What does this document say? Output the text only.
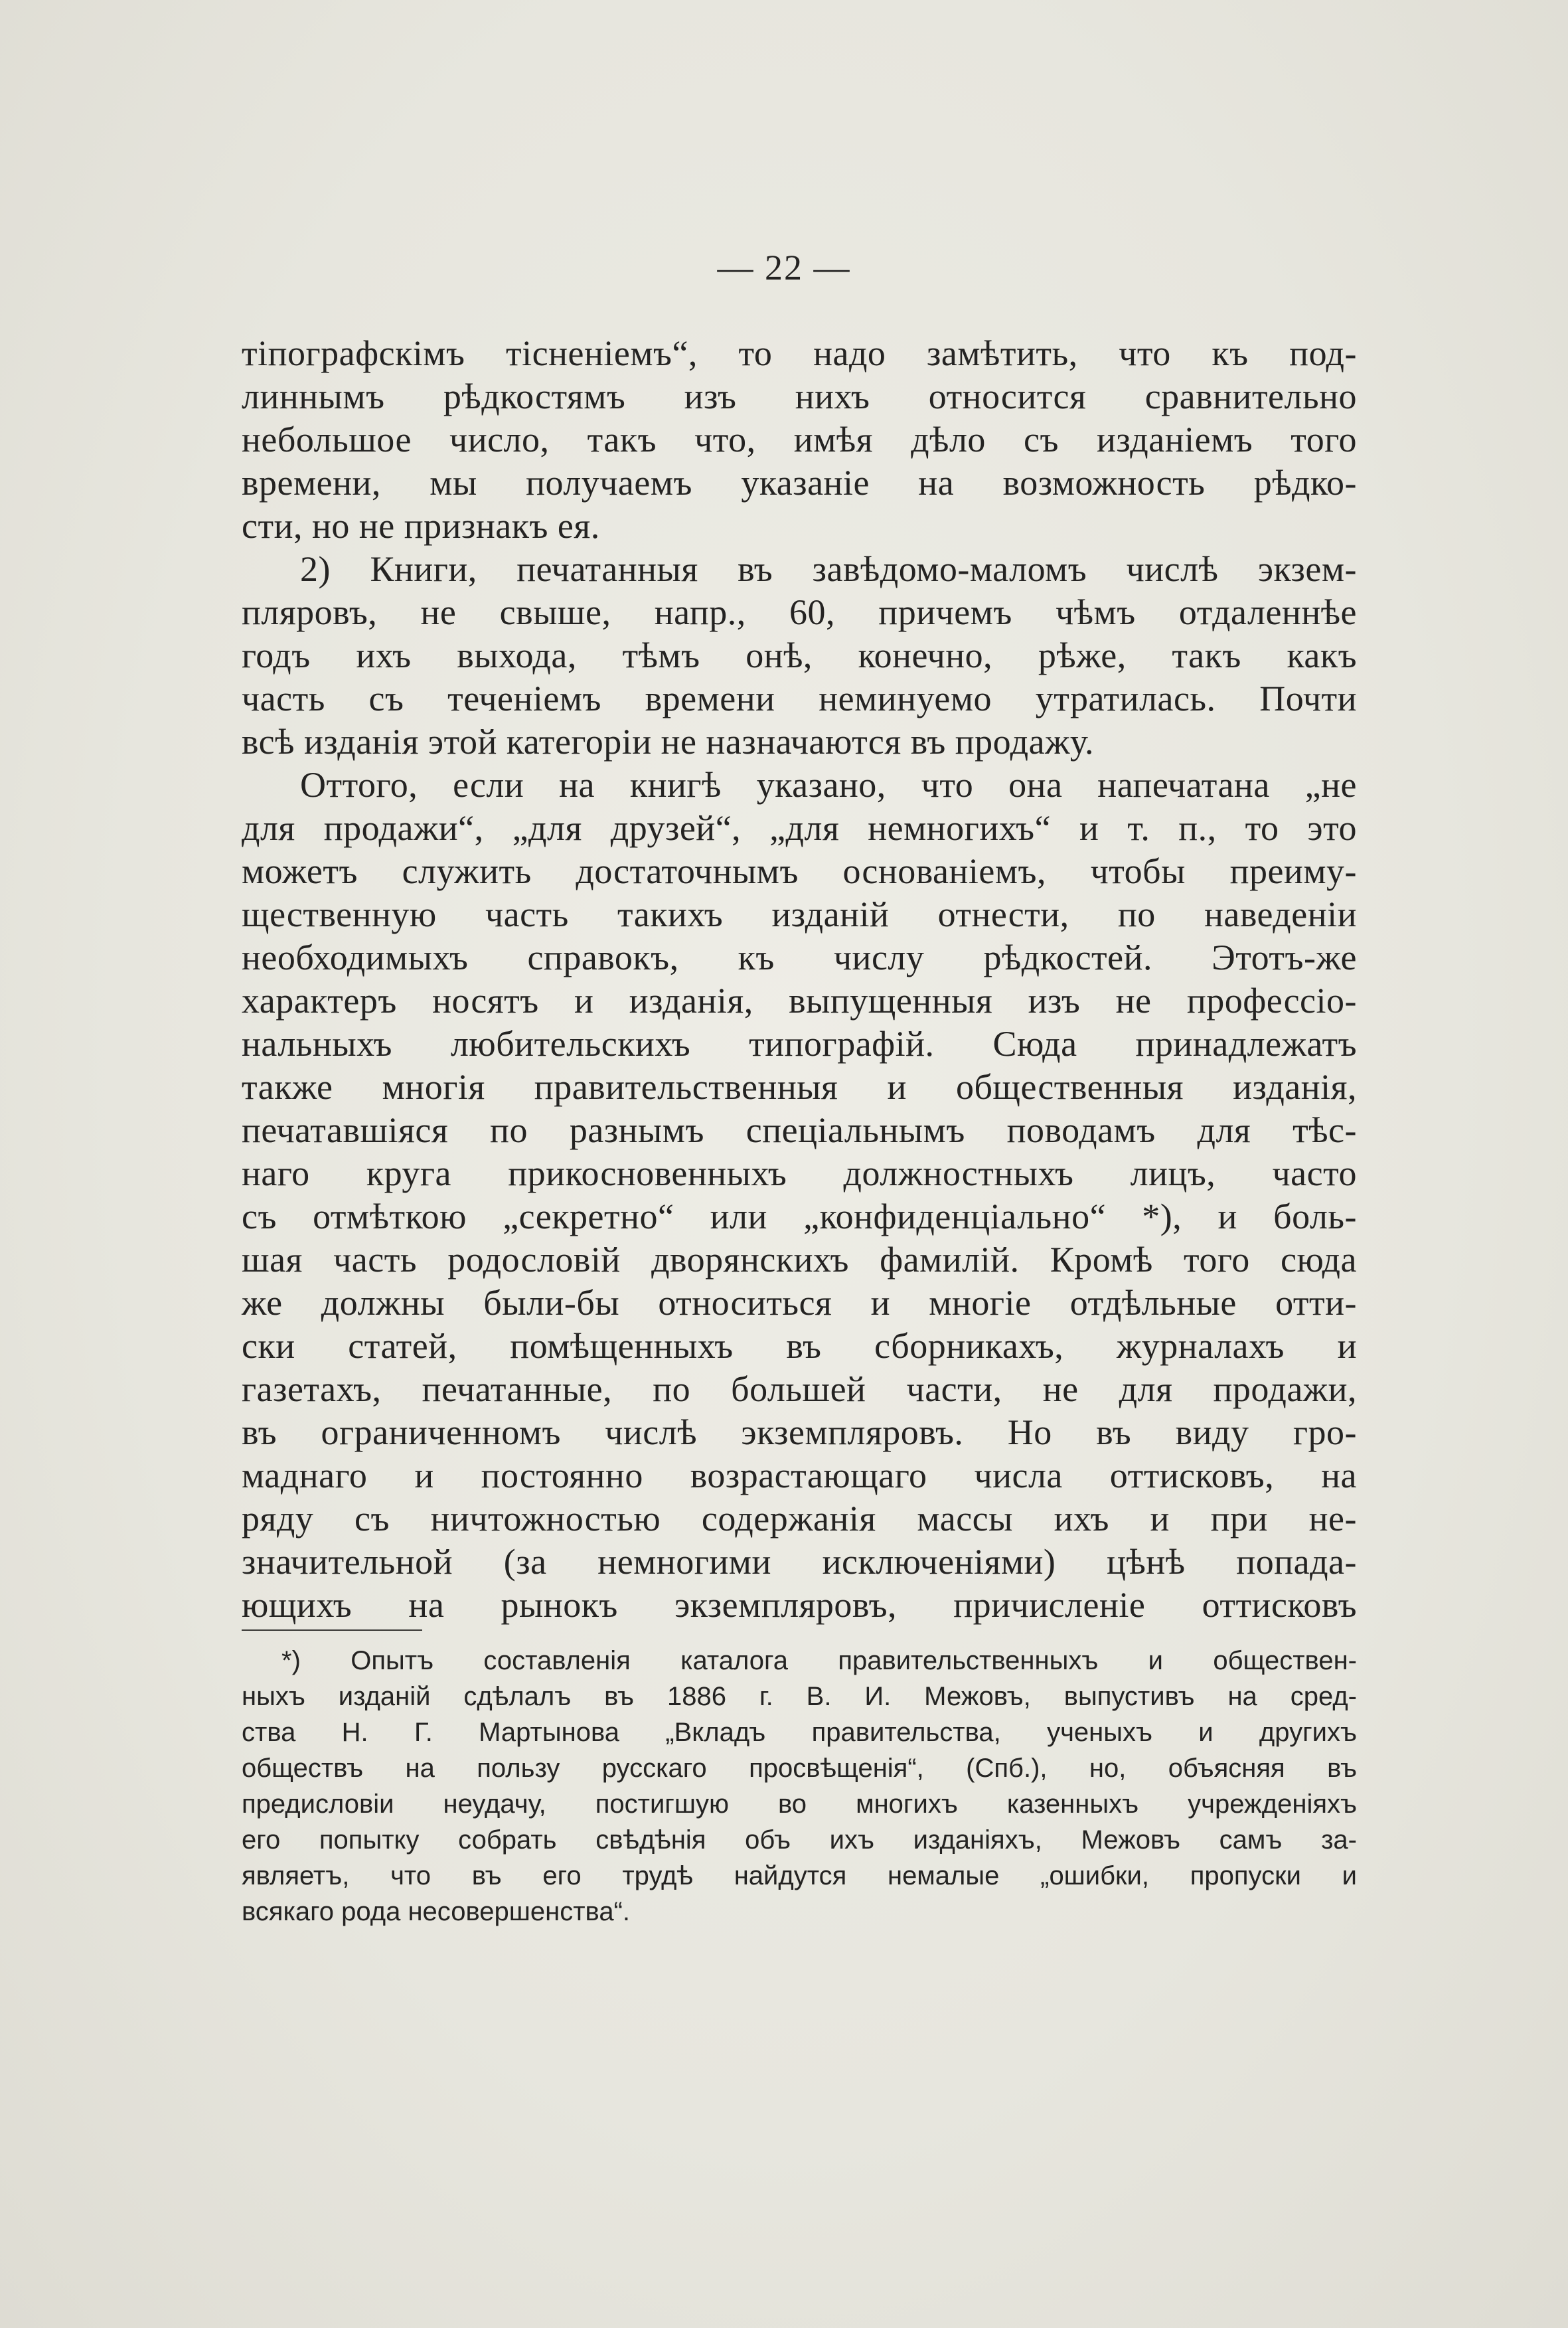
— 22 —
тiпографскiмъ тiсненiемъ“, то надо замѣтить, что къ под-
линнымъ рѣдкостямъ изъ нихъ относится сравнительно
небольшое число, такъ что, имѣя дѣло съ изданiемъ того
времени, мы получаемъ указанiе на возможность рѣдко-
сти, но не признакъ ея.
2) Книги, печатанныя въ завѣдомо-маломъ числѣ экзем-
пляровъ, не свыше, напр., 60, причемъ чѣмъ отдаленнѣе
годъ ихъ выхода, тѣмъ онѣ, конечно, рѣже, такъ какъ
часть съ теченiемъ времени неминуемо утратилась. Почти
всѣ изданiя этой категорiи не назначаются въ продажу.
Оттого, если на книгѣ указано, что она напечатана „не
для продажи“, „для друзей“, „для немногихъ“ и т. п., то это
можетъ служить достаточнымъ основанiемъ, чтобы преиму-
щественную часть такихъ изданiй отнести, по наведенiи
необходимыхъ справокъ, къ числу рѣдкостей. Этотъ-же
характеръ носятъ и изданiя, выпущенныя изъ не профессiо-
нальныхъ любительскихъ типографiй. Сюда принадлежатъ
также многiя правительственныя и общественныя изданiя,
печатавшiяся по разнымъ спецiальнымъ поводамъ для тѣс-
наго круга прикосновенныхъ должностныхъ лицъ, часто
съ отмѣткою „секретно“ или „конфиденцiально“ *), и боль-
шая часть родословiй дворянскихъ фамилiй. Кромѣ того сюда
же должны были-бы относиться и многiе отдѣльные отти-
ски статей, помѣщенныхъ въ сборникахъ, журналахъ и
газетахъ, печатанные, по большей части, не для продажи,
въ ограниченномъ числѣ экземпляровъ. Но въ виду гро-
маднаго и постоянно возрастающаго числа оттисковъ, на
ряду съ ничтожностью содержанiя массы ихъ и при не-
значительной (за немногими исключенiями) цѣнѣ попада-
ющихъ на рынокъ экземпляровъ, причисленiе оттисковъ
*) Опытъ составленiя каталога правительственныхъ и обществен-
ныхъ изданiй сдѣлалъ въ 1886 г. В. И. Межовъ, выпустивъ на сред-
ства Н. Г. Мартынова „Вкладъ правительства, ученыхъ и другихъ
обществъ на пользу русскаго просвѣщенiя“, (Спб.), но, объясняя въ
предисловiи неудачу, постигшую во многихъ казенныхъ учрежденiяхъ
его попытку собрать свѣдѣнiя объ ихъ изданiяхъ, Межовъ самъ за-
являетъ, что въ его трудѣ найдутся немалые „ошибки, пропуски и
всякаго рода несовершенства“.
